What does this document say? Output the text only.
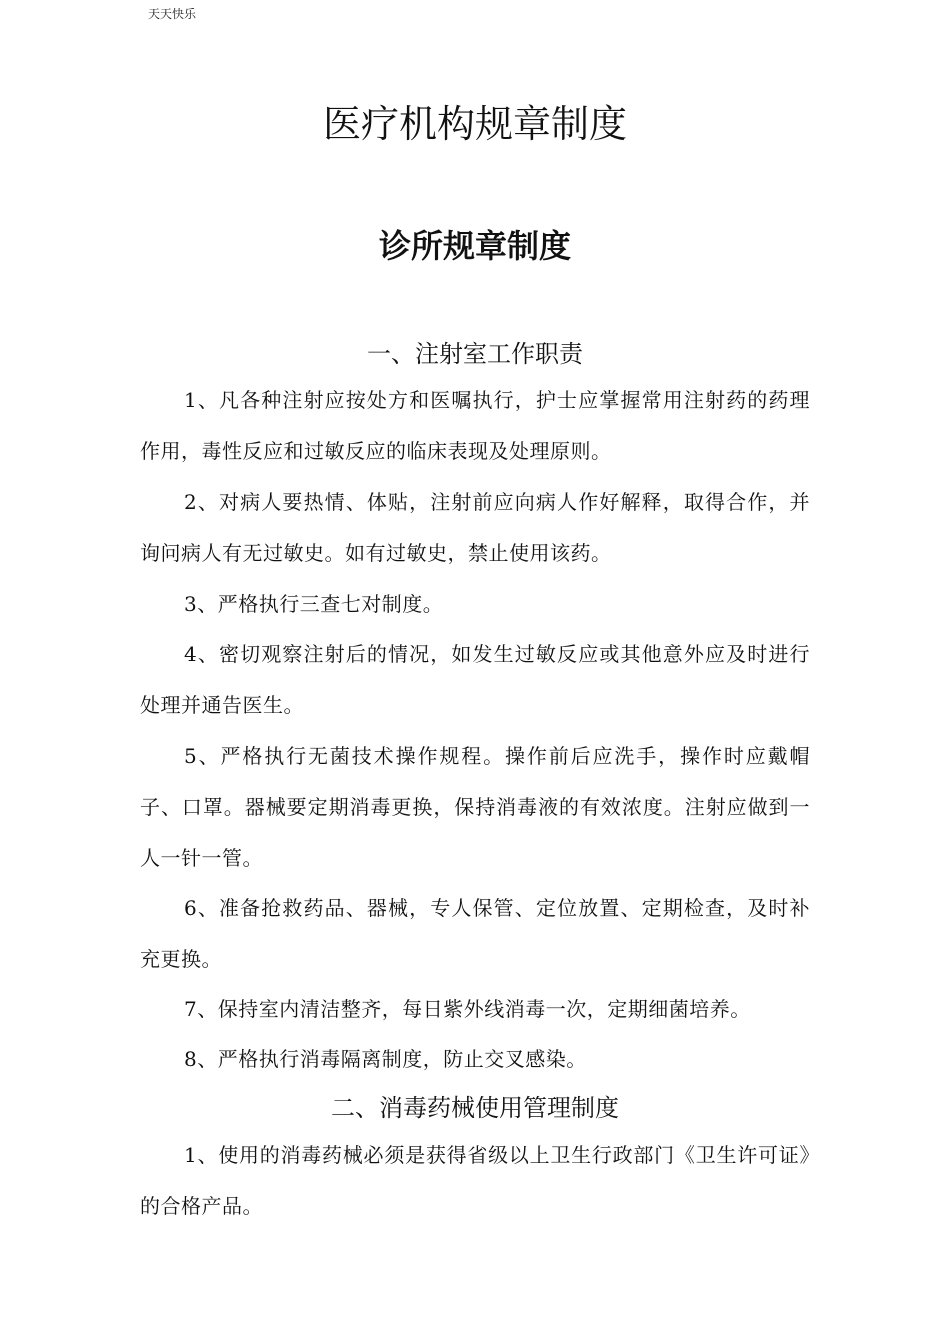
天天快乐
医疗机构规章制度
诊所规章制度
一、注射室工作职责

1、凡各种注射应按处方和医嘱执行，护士应掌握常用注射药的药理作用，毒性反应和过敏反应的临床表现及处理原则。

2、对病人要热情、体贴，注射前应向病人作好解释，取得合作，并询问病人有无过敏史。如有过敏史，禁止使用该药。

3、严格执行三查七对制度。

4、密切观察注射后的情况，如发生过敏反应或其他意外应及时进行处理并通告医生。

5、严格执行无菌技术操作规程。操作前后应洗手，操作时应戴帽子、口罩。器械要定期消毒更换，保持消毒液的有效浓度。注射应做到一人一针一管。

6、准备抢救药品、器械，专人保管、定位放置、定期检查，及时补充更换。

7、保持室内清洁整齐，每日紫外线消毒一次，定期细菌培养。

8、严格执行消毒隔离制度，防止交叉感染。

二、消毒药械使用管理制度

1、使用的消毒药械必须是获得省级以上卫生行政部门《卫生许可证》的合格产品。
